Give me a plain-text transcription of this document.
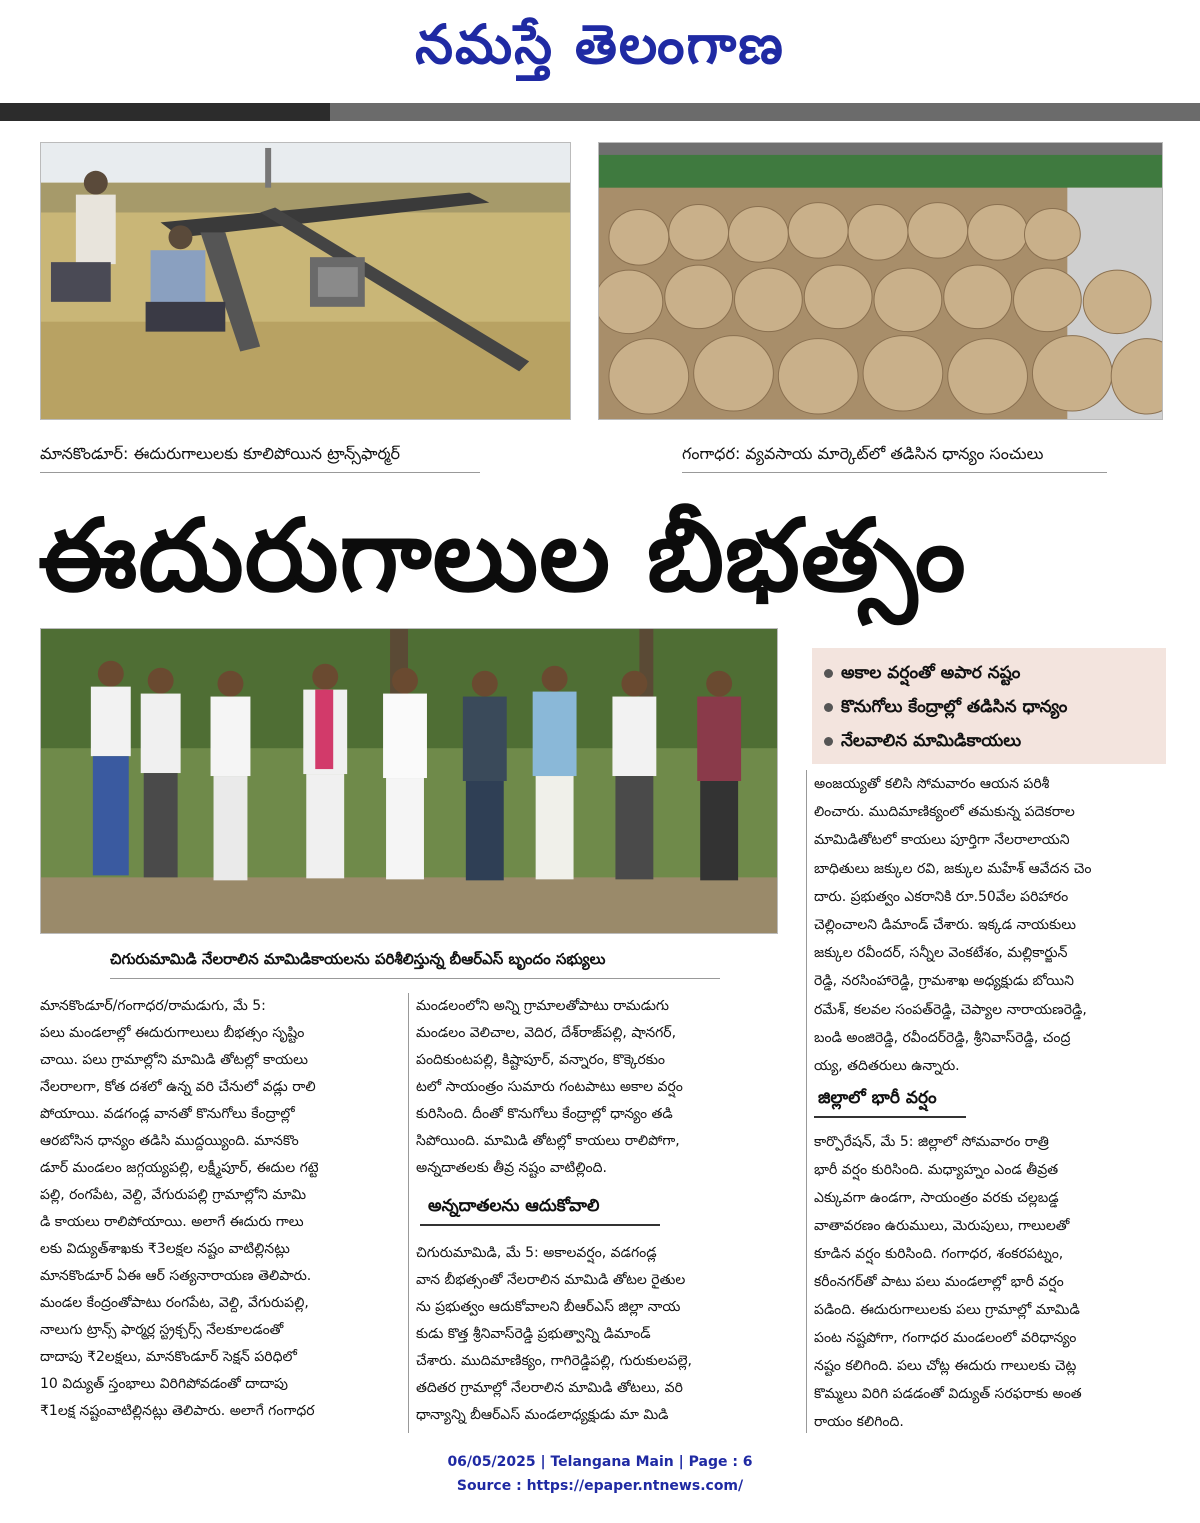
నమస్తే తెలంగాణ
మానకొండూర్: ఈదురుగాలులకు కూలిపోయిన ట్రాన్స్‌ఫార్మర్	గంగాధర: వ్యవసాయ మార్కెట్‌లో తడిసిన ధాన్యం సంచులు
ఈదురుగాలుల బీభత్సం
అకాల వర్షంతో అపార నష్టం
కొనుగోలు కేంద్రాల్లో తడిసిన ధాన్యం
నేలవాలిన మామిడికాయలు
అంజయ్యతో కలిసి సోమవారం ఆయన పరిశీ
లించారు. ముదిమాణిక్యంలో తమకున్న పదెకరాల
మామిడితోటలో కాయలు పూర్తిగా నేలరాలాయని
బాధితులు జక్కుల రవి, జక్కుల మహేశ్ ఆవేదన చెం
దారు. ప్రభుత్వం ఎకరానికి రూ.50వేల పరిహారం
చెల్లించాలని డిమాండ్ చేశారు. ఇక్కడ నాయకులు
జక్కుల రవీందర్, సన్నీల వెంకటేశం, మల్లికార్జున్
రెడ్డి, నరసింహారెడ్డి, గ్రామశాఖ అధ్యక్షుడు బోయిని
రమేశ్, కలవల సంపత్‌రెడ్డి, చెప్యాల నారాయణరెడ్డి,
బండి అంజిరెడ్డి, రవీందర్‌రెడ్డి, శ్రీనివాస్‌రెడ్డి, చంద్ర
య్య, తదితరులు ఉన్నారు.
చిగురుమామిడి నేలరాలిన మామిడికాయలను పరిశీలిస్తున్న బీఆర్‌ఎస్ బృందం సభ్యులు
మానకొండూర్/గంగాధర/రామడుగు, మే 5:
పలు మండలాల్లో ఈదురుగాలులు బీభత్సం సృష్టిం
చాయి. పలు గ్రామాల్లోని మామిడి తోటల్లో కాయలు
నేలరాలగా, కోత దశలో ఉన్న వరి చేనులో వడ్లు రాలి
పోయాయి. వడగండ్ల వానతో కొనుగోలు కేంద్రాల్లో
ఆరబోసిన ధాన్యం తడిసి ముద్దయ్యింది. మానకొం
డూర్ మండలం జగ్గయ్యపల్లి, లక్ష్మీపూర్, ఈదుల గట్టె
పల్లి, రంగపేట, వెల్ది, వేగురుపల్లి గ్రామాల్లోని మామి
డి కాయలు రాలిపోయాయి. అలాగే ఈదురు గాలు
లకు విద్యుత్‌శాఖకు ₹3లక్షల నష్టం వాటిల్లినట్లు
మానకొండూర్ ఏఈ ఆర్ సత్యనారాయణ తెలిపారు.
మండల కేంద్రంతోపాటు రంగపేట, వెల్ది, వేగురుపల్లి,
నాలుగు ట్రాన్స్ ఫార్మర్ల స్ట్రక్చర్స్ నేలకూలడంతో
దాదాపు ₹2లక్షలు, మానకొండూర్ సెక్షన్ పరిధిలో
10 విద్యుత్ స్తంభాలు విరిగిపోవడంతో దాదాపు
₹1లక్ష నష్టంవాటిల్లినట్లు తెలిపారు. అలాగే గంగాధర
మండలంలోని అన్ని గ్రామాలతోపాటు రామడుగు
మండలం వెలిచాల, వెదిర, దేశ్‌రాజ్‌పల్లి, షానగర్,
పందికుంటపల్లి, కిష్టాపూర్, వన్నారం, కొక్కెరకుం
టలో సాయంత్రం సుమారు గంటపాటు అకాల వర్షం
కురిసింది. దీంతో కొనుగోలు కేంద్రాల్లో ధాన్యం తడి
సిపోయింది. మామిడి తోటల్లో కాయలు రాలిపోగా,
అన్నదాతలకు తీవ్ర నష్టం వాటిల్లింది.
అన్నదాతలను ఆదుకోవాలి
చిగురుమామిడి, మే 5: అకాలవర్షం, వడగండ్ల
వాన బీభత్సంతో నేలరాలిన మామిడి తోటల రైతుల
ను ప్రభుత్వం ఆదుకోవాలని బీఆర్‌ఎస్ జిల్లా నాయ
కుడు కొత్త శ్రీనివాస్‌రెడ్డి ప్రభుత్వాన్ని డిమాండ్
చేశారు. ముదిమాణిక్యం, గాగిరెడ్డిపల్లి, గురుకులపల్లె,
తదితర గ్రామాల్లో నేలరాలిన మామిడి తోటలు, వరి
ధాన్యాన్ని బీఆర్‌ఎస్ మండలాధ్యక్షుడు మా మిడి
జిల్లాలో భారీ వర్షం
కార్పొరేషన్, మే 5: జిల్లాలో సోమవారం రాత్రి
భారీ వర్షం కురిసింది. మధ్యాహ్నం ఎండ తీవ్రత
ఎక్కువగా ఉండగా, సాయంత్రం వరకు చల్లబడ్డ
వాతావరణం ఉరుములు, మెరుపులు, గాలులతో
కూడిన వర్షం కురిసింది. గంగాధర, శంకరపట్నం,
కరీంనగర్‌తో పాటు పలు మండలాల్లో భారీ వర్షం
పడింది. ఈదురుగాలులకు పలు గ్రామాల్లో మామిడి
పంట నష్టపోగా, గంగాధర మండలంలో వరిధాన్యం
నష్టం కలిగింది. పలు చోట్ల ఈదురు గాలులకు చెట్ల
కొమ్మలు విరిగి పడడంతో విద్యుత్ సరఫరాకు అంత
రాయం కలిగింది.
06/05/2025 | Telangana Main | Page : 6
Source : https://epaper.ntnews.com/
